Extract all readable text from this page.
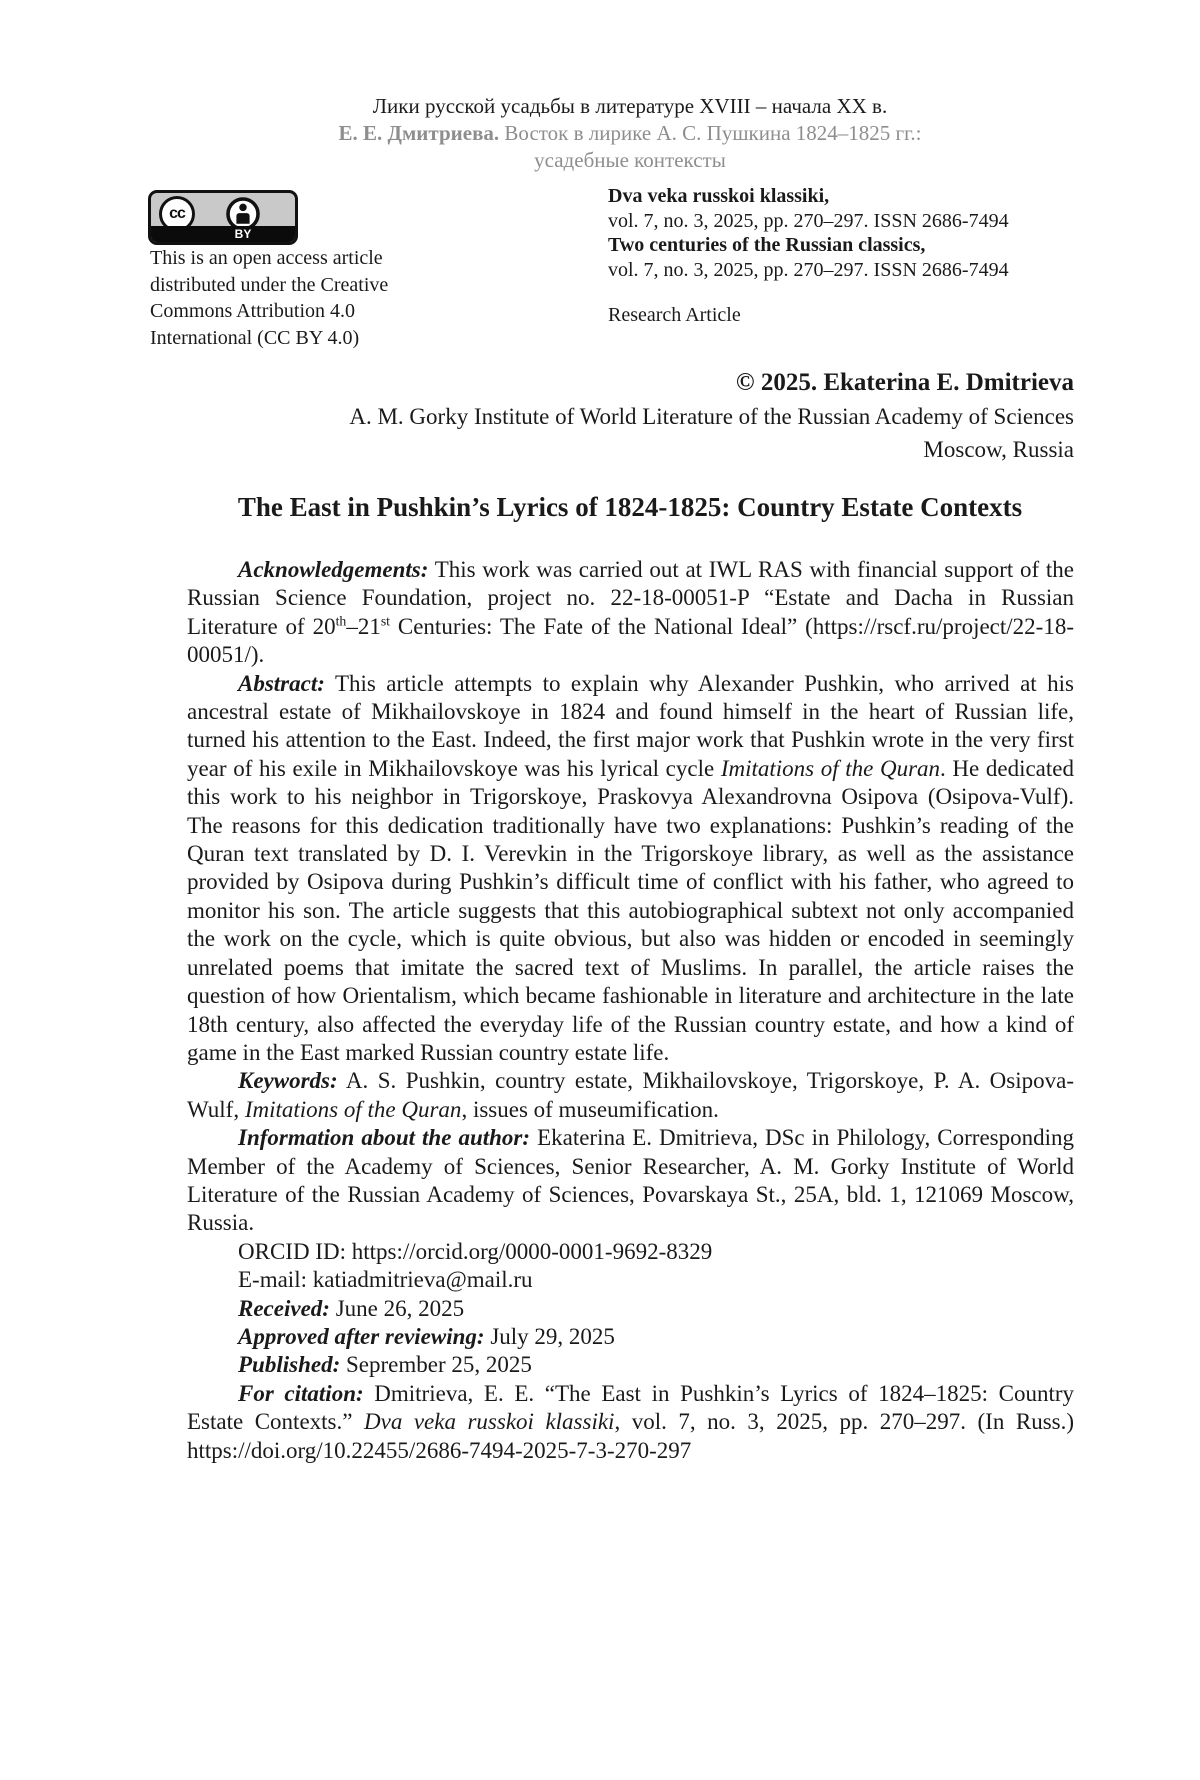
Лики русской усадьбы в литературе XVIII – начала XX в.
Е. Е. Дмитриева. Восток в лирике А. С. Пушкина 1824–1825 гг.:
усадебные контексты
cc
BY
This is an open access article
distributed under the Creative
Commons Attribution 4.0
International (CC BY 4.0)
Dva veka russkoi klassiki,
vol. 7, no. 3, 2025, pp. 270–297. ISSN 2686-7494
Two centuries of the Russian classics,
vol. 7, no. 3, 2025, pp. 270–297. ISSN 2686-7494
Research Article
© 2025. Ekaterina E. Dmitrieva
A. M. Gorky Institute of World Literature of the Russian Academy of Sciences
Moscow, Russia
The East in Pushkin’s Lyrics of 1824-1825: Country Estate Contexts

Acknowledgements: This work was carried out at IWL RAS with financial support of the Russian Science Foundation, project no. 22-18-00051-P “Estate and Dacha in Russian Literature of 20th–21st Centuries: The Fate of the National Ideal” (https://rscf.ru/project/22-18-00051/).

Abstract: This article attempts to explain why Alexander Pushkin, who arrived at his ancestral estate of Mikhailovskoye in 1824 and found himself in the heart of Russian life, turned his attention to the East. Indeed, the first major work that Pushkin wrote in the very first year of his exile in Mikhailovskoye was his lyrical cycle Imitations of the Quran. He dedicated this work to his neighbor in Trigorskoye, Praskovya Alexandrovna Osipova (Osipova-Vulf). The reasons for this dedication traditionally have two explanations: Pushkin’s reading of the Quran text translated by D. I. Verevkin in the Trigorskoye library, as well as the assistance provided by Osipova during Pushkin’s difficult time of conflict with his father, who agreed to monitor his son. The article suggests that this autobiographical subtext not only accompanied the work on the cycle, which is quite obvious, but also was hidden or encoded in seemingly unrelated poems that imitate the sacred text of Muslims. In parallel, the article raises the question of how Orientalism, which became fashionable in literature and architecture in the late 18th century, also affected the everyday life of the Russian country estate, and how a kind of game in the East marked Russian country estate life.

Keywords: A. S. Pushkin, country estate, Mikhailovskoye, Trigorskoye, P. A. Osipova-Wulf, Imitations of the Quran, issues of museumification.

Information about the author: Ekaterina E. Dmitrieva, DSc in Philology, Corresponding Member of the Academy of Sciences, Senior Researcher, A. M. Gorky Institute of World Literature of the Russian Academy of Sciences, Povarskaya St., 25A, bld. 1, 121069 Moscow, Russia.

ORCID ID: https://orcid.org/0000-0001-9692-8329
E-mail: katiadmitrieva@mail.ru
Received: June 26, 2025
Approved after reviewing: July 29, 2025
Published: Seprember 25, 2025

For citation: Dmitrieva, E. E. “The East in Pushkin’s Lyrics of 1824–1825: Country Estate Contexts.” Dva veka russkoi klassiki, vol. 7, no. 3, 2025, pp. 270–297. (In Russ.) https://doi.org/10.22455/2686-7494-2025-7-3-270-297
